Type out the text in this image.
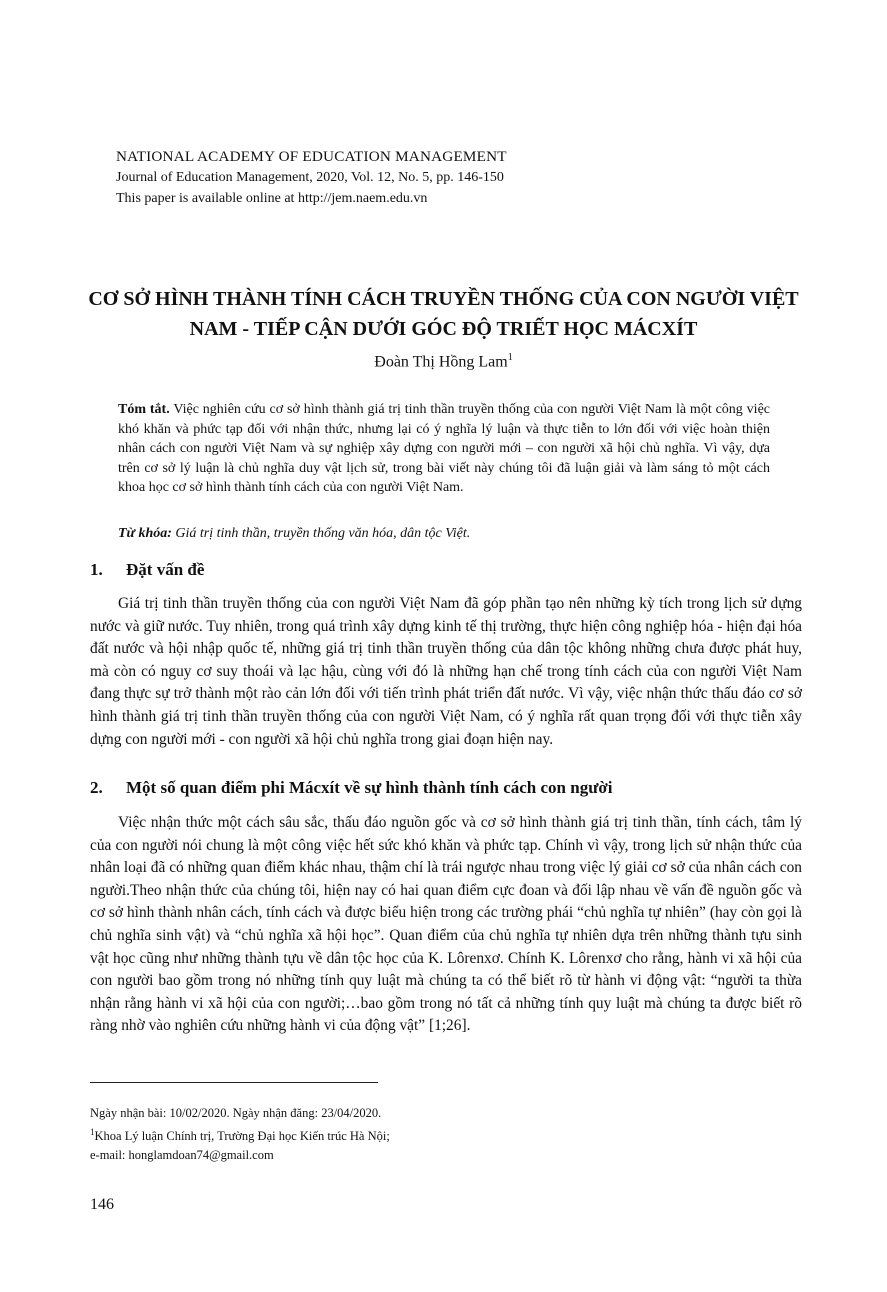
NATIONAL ACADEMY OF EDUCATION MANAGEMENT
Journal of Education Management, 2020, Vol. 12, No. 5, pp. 146-150
This paper is available online at http://jem.naem.edu.vn
CƠ SỞ HÌNH THÀNH TÍNH CÁCH TRUYỀN THỐNG CỦA CON NGƯỜI VIỆT
NAM - TIẾP CẬN DƯỚI GÓC ĐỘ TRIẾT HỌC MÁCXÍT
Đoàn Thị Hồng Lam$^1$
Tóm tắt. Việc nghiên cứu cơ sở hình thành giá trị tinh thần truyền thống của con người Việt Nam là một công việc khó khăn và phức tạp đối với nhận thức, nhưng lại có ý nghĩa lý luận và thực tiễn to lớn đối với việc hoàn thiện nhân cách con người Việt Nam và sự nghiệp xây dựng con người mới – con người xã hội chủ nghĩa. Vì vậy, dựa trên cơ sở lý luận là chủ nghĩa duy vật lịch sử, trong bài viết này chúng tôi đã luận giải và làm sáng tỏ một cách khoa học cơ sở hình thành tính cách của con người Việt Nam.
Từ khóa: Giá trị tinh thần, truyền thống văn hóa, dân tộc Việt.
1. Đặt vấn đề
Giá trị tinh thần truyền thống của con người Việt Nam đã góp phần tạo nên những kỳ tích trong lịch sử dựng nước và giữ nước. Tuy nhiên, trong quá trình xây dựng kinh tế thị trường, thực hiện công nghiệp hóa - hiện đại hóa đất nước và hội nhập quốc tế, những giá trị tinh thần truyền thống của dân tộc không những chưa được phát huy, mà còn có nguy cơ suy thoái và lạc hậu, cùng với đó là những hạn chế trong tính cách của con người Việt Nam đang thực sự trở thành một rào cản lớn đối với tiến trình phát triển đất nước. Vì vậy, việc nhận thức thấu đáo cơ sở hình thành giá trị tinh thần truyền thống của con người Việt Nam, có ý nghĩa rất quan trọng đối với thực tiễn xây dựng con người mới - con người xã hội chủ nghĩa trong giai đoạn hiện nay.
2. Một số quan điểm phi Mácxít về sự hình thành tính cách con người
Việc nhận thức một cách sâu sắc, thấu đáo nguồn gốc và cơ sở hình thành giá trị tinh thần, tính cách, tâm lý của con người nói chung là một công việc hết sức khó khăn và phức tạp. Chính vì vậy, trong lịch sử nhận thức của nhân loại đã có những quan điểm khác nhau, thậm chí là trái ngược nhau trong việc lý giải cơ sở của nhân cách con người.Theo nhận thức của chúng tôi, hiện nay có hai quan điểm cực đoan và đối lập nhau về vấn đề nguồn gốc và cơ sở hình thành nhân cách, tính cách và được biểu hiện trong các trường phái “chủ nghĩa tự nhiên” (hay còn gọi là chủ nghĩa sinh vật) và “chủ nghĩa xã hội học”. Quan điểm của chủ nghĩa tự nhiên dựa trên những thành tựu sinh vật học cũng như những thành tựu về dân tộc học của K. Lôrenxơ. Chính K. Lôrenxơ cho rằng, hành vi xã hội của con người bao gồm trong nó những tính quy luật mà chúng ta có thể biết rõ từ hành vi động vật: “người ta thừa nhận rằng hành vi xã hội của con người;…bao gồm trong nó tất cả những tính quy luật mà chúng ta được biết rõ ràng nhờ vào nghiên cứu những hành vi của động vật” [1;26].
Ngày nhận bài: 10/02/2020. Ngày nhận đăng: 23/04/2020.
$^1$Khoa Lý luận Chính trị, Trường Đại học Kiến trúc Hà Nội;
e-mail: honglamdoan74@gmail.com
146
